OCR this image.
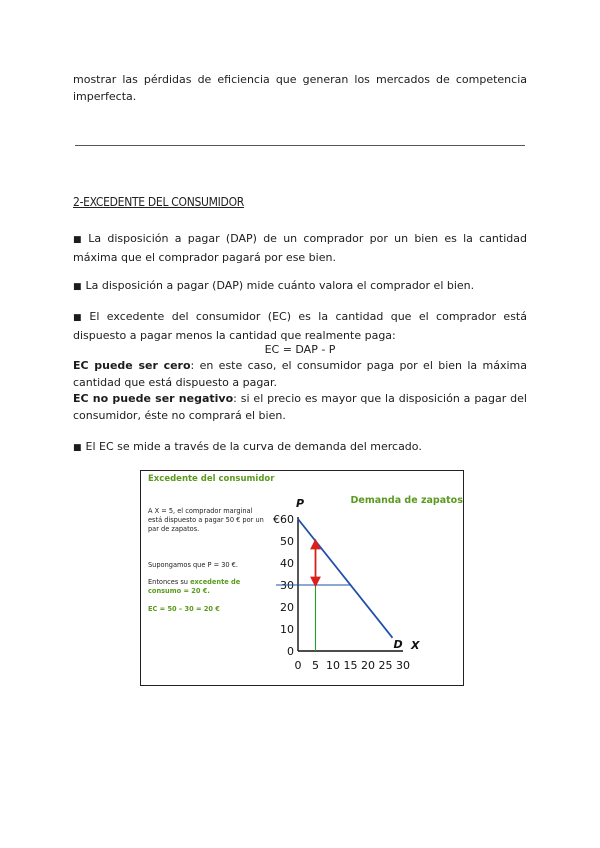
mostrar las pérdidas de eficiencia que generan los mercados de competencia imperfecta.
2-EXCEDENTE DEL CONSUMIDOR
■ La disposición a pagar (DAP) de un comprador por un bien es la cantidad máxima que el comprador pagará por ese bien.
■ La disposición a pagar (DAP) mide cuánto valora el comprador el bien.
■ El excedente del consumidor (EC) es la cantidad que el comprador está dispuesto a pagar menos la cantidad que realmente paga:
EC = DAP - P
EC puede ser cero: en este caso, el consumidor paga por el bien la máxima cantidad que está dispuesto a pagar.
EC no puede ser negativo: si el precio es mayor que la disposición a pagar del consumidor, éste no comprará el bien.
■ El EC se mide a través de la curva de demanda del mercado.
0
10
20
30
40
50
€60
0 5 10 15 20 25 30
P
X
Demanda de zapatos
D
Excedente del consumidor
A X = 5, el comprador marginal está dispuesto a pagar 50 € por un par de zapatos.
Supongamos que P = 30 €.
Entonces su excedente de consumo = 20 €.
EC = 50 – 30 = 20 €
